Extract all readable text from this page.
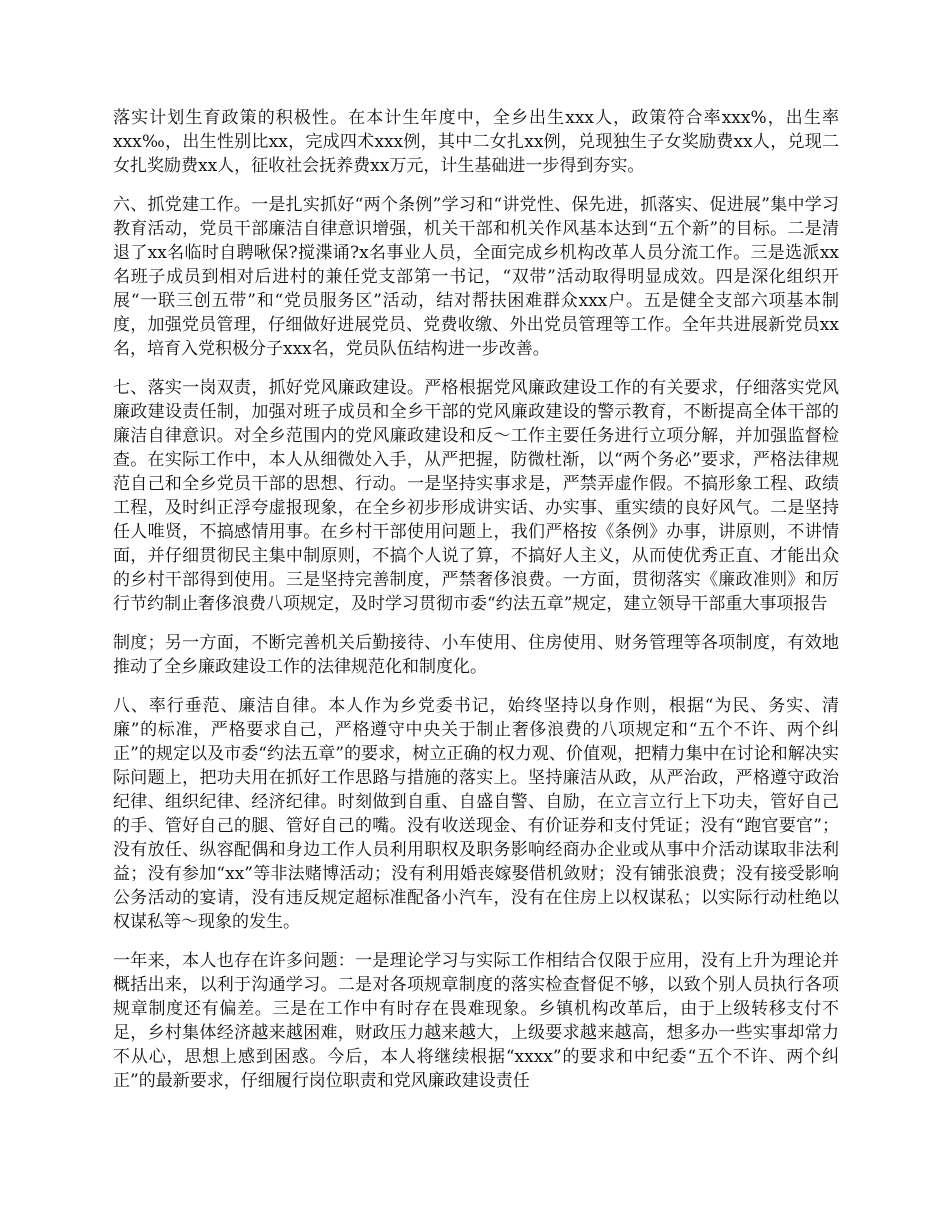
落实计划生育政策的积极性。在本计生年度中，全乡出生xxx人，政策符合率xxx%，出生率xxx‰，出生性别比xx，完成四术xxx例，其中二女扎xx例，兑现独生子女奖励费xx人，兑现二女扎奖励费xx人，征收社会抚养费xx万元，计生基础进一步得到夯实。

六、抓党建工作。一是扎实抓好“两个条例”学习和“讲党性、保先进，抓落实、促进展”集中学习教育活动，党员干部廉洁自律意识增强，机关干部和机关作风基本达到“五个新”的目标。二是清退了xx名临时自聘啾保?搅渫诵?x名事业人员，全面完成乡机构改革人员分流工作。三是选派xx名班子成员到相对后进村的兼任党支部第一书记，“双带”活动取得明显成效。四是深化组织开展“一联三创五带”和“党员服务区”活动，结对帮扶困难群众xxx户。五是健全支部六项基本制度，加强党员管理，仔细做好进展党员、党费收缴、外出党员管理等工作。全年共进展新党员xx名，培育入党积极分子xxx名，党员队伍结构进一步改善。

七、落实一岗双责，抓好党风廉政建设。严格根据党风廉政建设工作的有关要求，仔细落实党风廉政建设责任制，加强对班子成员和全乡干部的党风廉政建设的警示教育，不断提高全体干部的廉洁自律意识。对全乡范围内的党风廉政建设和反～工作主要任务进行立项分解，并加强监督检查。在实际工作中，本人从细微处入手，从严把握，防微杜渐，以“两个务必”要求，严格法律规范自己和全乡党员干部的思想、行动。一是坚持实事求是，严禁弄虚作假。不搞形象工程、政绩工程，及时纠正浮夸虚报现象，在全乡初步形成讲实话、办实事、重实绩的良好风气。二是坚持任人唯贤，不搞感情用事。在乡村干部使用问题上，我们严格按《条例》办事，讲原则，不讲情面，并仔细贯彻民主集中制原则，不搞个人说了算，不搞好人主义，从而使优秀正直、才能出众的乡村干部得到使用。三是坚持完善制度，严禁奢侈浪费。一方面，贯彻落实《廉政准则》和厉行节约制止奢侈浪费八项规定，及时学习贯彻市委“约法五章”规定，建立领导干部重大事项报告

制度；另一方面，不断完善机关后勤接待、小车使用、住房使用、财务管理等各项制度，有效地推动了全乡廉政建设工作的法律规范化和制度化。

八、率行垂范、廉洁自律。本人作为乡党委书记，始终坚持以身作则，根据“为民、务实、清廉”的标准，严格要求自己，严格遵守中央关于制止奢侈浪费的八项规定和“五个不许、两个纠正”的规定以及市委“约法五章”的要求，树立正确的权力观、价值观，把精力集中在讨论和解决实际问题上，把功夫用在抓好工作思路与措施的落实上。坚持廉洁从政，从严治政，严格遵守政治纪律、组织纪律、经济纪律。时刻做到自重、自盛自警、自励，在立言立行上下功夫，管好自己的手、管好自己的腿、管好自己的嘴。没有收送现金、有价证券和支付凭证；没有“跑官要官”；没有放任、纵容配偶和身边工作人员利用职权及职务影响经商办企业或从事中介活动谋取非法利益；没有参加“xx”等非法赌博活动；没有利用婚丧嫁娶借机敛财；没有铺张浪费；没有接受影响公务活动的宴请，没有违反规定超标准配备小汽车，没有在住房上以权谋私；以实际行动杜绝以权谋私等～现象的发生。

一年来，本人也存在许多问题：一是理论学习与实际工作相结合仅限于应用，没有上升为理论并概括出来，以利于沟通学习。二是对各项规章制度的落实检查督促不够，以致个别人员执行各项规章制度还有偏差。三是在工作中有时存在畏难现象。乡镇机构改革后，由于上级转移支付不足，乡村集体经济越来越困难，财政压力越来越大，上级要求越来越高，想多办一些实事却常力不从心，思想上感到困惑。今后，本人将继续根据“xxxx”的要求和中纪委“五个不许、两个纠正”的最新要求，仔细履行岗位职责和党风廉政建设责任
